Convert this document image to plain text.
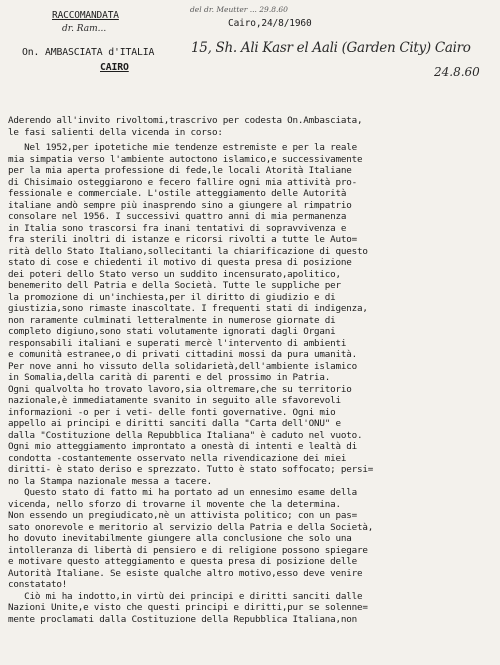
RACCOMANDATA
Cairo,24/8/1960
On. AMBASCIATA d'ITALIA
CAIRO
dr. Ram...
del dr. Meutter ... 29.8.60
15, Sh. Ali Kasr el Aali (Garden City) Cairo
24.8.60
Aderendo all'invito rivoltomi,trascrivo per codesta On.Ambasciata,
le fasi salienti della vicenda in corso:
Nel 1952,per ipotetiche mie tendenze estremiste e per la reale
mia simpatia verso l'ambiente autoctono islamico,e successivamente
per la mia aperta professione di fede,le locali Atorità Italiane
di Chisimaio osteggiarono e fecero fallire ogni mia attività pro-
fessionale e commerciale. L'ostile atteggiamento delle Autorità
italiane andò sempre più inasprendo sino a giungere al rimpatrio
consolare nel 1956. I successivi quattro anni di mia permanenza
in Italia sono trascorsi fra inani tentativi di sopravvivenza e
fra sterili inoltri di istanze e ricorsi rivolti a tutte le Auto=
rità dello Stato Italiano,sollecitanti la chiarificazione di questo
stato di cose e chiedenti il motivo di questa presa di posizione
dei poteri dello Stato verso un suddito incensurato,apolitico,
benemerito dell Patria e della Società. Tutte le suppliche per
la promozione di un'inchiesta,per il diritto di giudizio e di
giustizia,sono rimaste inascoltate. I frequenti stati di indigenza,
non raramente culminati letteralmente in numerose giornate di
completo digiuno,sono stati volutamente ignorati dagli Organi
responsabili italiani e superati mercè l'intervento di ambienti
e comunità estranee,o di privati cittadini mossi da pura umanità.
Per nove anni ho vissuto della solidarietà,dell'ambiente islamico
in Somalia,della carità di parenti e del prossimo in Patria.
Ogni qualvolta ho trovato lavoro,sia oltremare,che su territorio
nazionale,è immediatamente svanito in seguito alle sfavorevoli
informazioni -o per i veti- delle fonti governative. Ogni mio
appello ai principi e diritti sanciti dalla "Carta dell'ONU" e
dalla "Costituzione della Repubblica Italiana" è caduto nel vuoto.
Ogni mio atteggiamento improntato a onestà di intenti e lealtà di
condotta -costantemente osservato nella rivendicazione dei miei
diritti- è stato deriso e sprezzato. Tutto è stato soffocato; persi=
no la Stampa nazionale messa a tacere.
Questo stato di fatto mi ha portato ad un ennesimo esame della
vicenda, nello sforzo di trovarne il movente che la determina.
Non essendo un pregiudicato,nè un attivista politico; con un pas=
sato onorevole e meritorio al servizio della Patria e della Società,
ho dovuto inevitabilmente giungere alla conclusione che solo una
intolleranza di libertà di pensiero e di religione possono spiegare
e motivare questo atteggiamento e questa presa di posizione delle
Autorità Italiane. Se esiste qualche altro motivo,esso deve venire
constatato!
Ciò mi ha indotto,in virtù dei principi e diritti sanciti dalle
Nazioni Unite,e visto che questi principi e diritti,pur se solenne=
mente proclamati dalla Costituzione della Repubblica Italiana,non
